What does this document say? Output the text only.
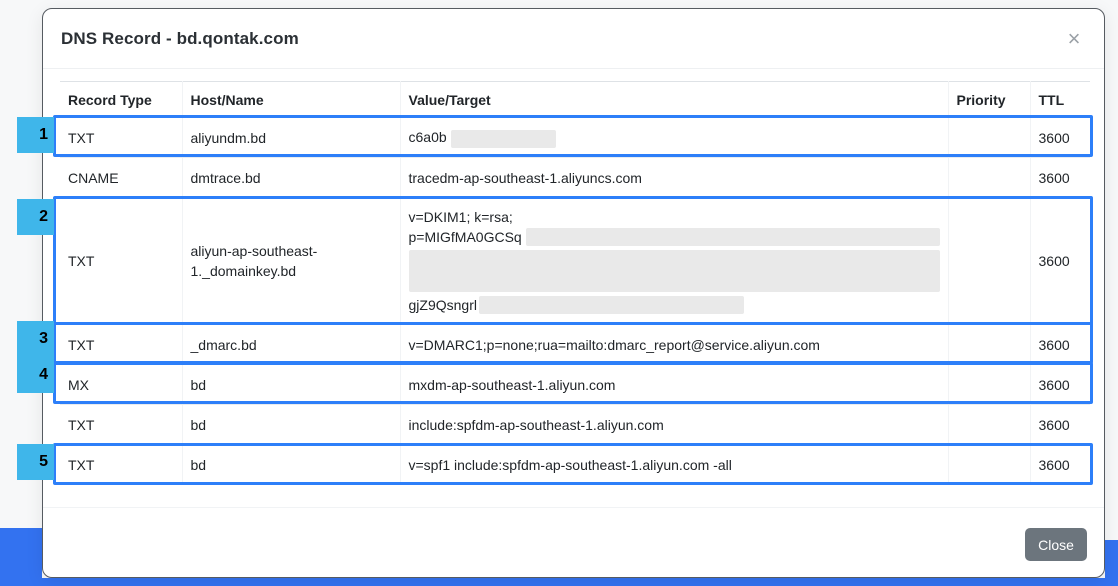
DNS Record - bd.qontak.com	×
Record Type	Host/Name	Value/Target	Priority	TTL
TXT	aliyundm.bd	c6a0b		3600
CNAME	dmtrace.bd	tracedm-ap-southeast-1.aliyuncs.com		3600
TXT	aliyun-ap-southeast-1._domainkey.bd	v=DKIM1; k=rsa;
p=MIGfMA0GCSq
gjZ9Qsngrl		3600
TXT	_dmarc.bd	v=DMARC1;p=none;rua=mailto:dmarc_report@service.aliyun.com		3600
MX	bd	mxdm-ap-southeast-1.aliyun.com		3600
TXT	bd	include:spfdm-ap-southeast-1.aliyun.com		3600
TXT	bd	v=spf1 include:spfdm-ap-southeast-1.aliyun.com -all		3600
Close
1
2
3
4
5
